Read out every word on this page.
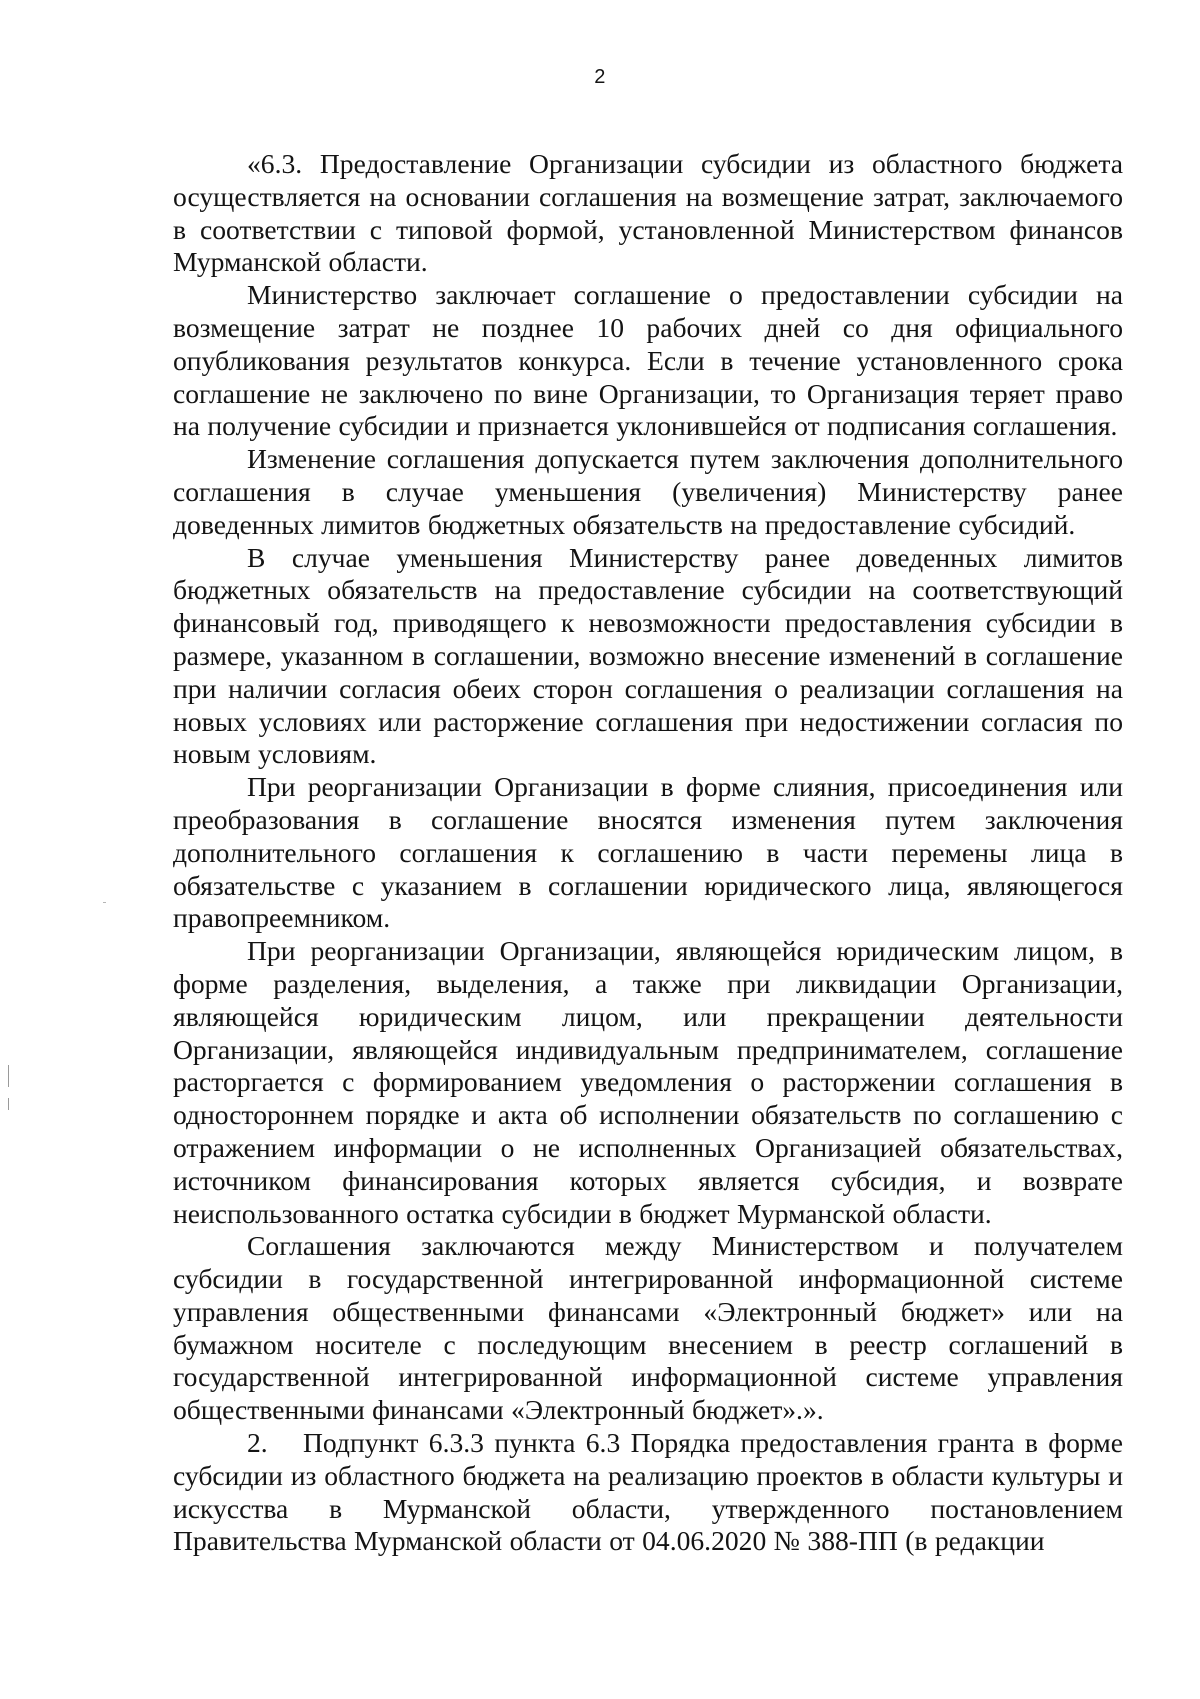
2

«6.3. Предоставление Организации субсидии из областного бюджета осуществляется на основании соглашения на возмещение затрат, заключаемого в соответствии с типовой формой, установленной Министерством финансов Мурманской области.

Министерство заключает соглашение о предоставлении субсидии на возмещение затрат не позднее 10 рабочих дней со дня официального опубликования результатов конкурса. Если в течение установленного срока соглашение не заключено по вине Организации, то Организация теряет право на получение субсидии и признается уклонившейся от подписания соглашения.

Изменение соглашения допускается путем заключения дополнительного соглашения в случае уменьшения (увеличения) Министерству ранее доведенных лимитов бюджетных обязательств на предоставление субсидий.

В случае уменьшения Министерству ранее доведенных лимитов бюджетных обязательств на предоставление субсидии на соответствующий финансовый год, приводящего к невозможности предоставления субсидии в размере, указанном в соглашении, возможно внесение изменений в соглашение при наличии согласия обеих сторон соглашения о реализации соглашения на новых условиях или расторжение соглашения при недостижении согласия по новым условиям.

При реорганизации Организации в форме слияния, присоединения или преобразования в соглашение вносятся изменения путем заключения дополнительного соглашения к соглашению в части перемены лица в обязательстве с указанием в соглашении юридического лица, являющегося правопреемником.

При реорганизации Организации, являющейся юридическим лицом, в форме разделения, выделения, а также при ликвидации Организации, являющейся юридическим лицом, или прекращении деятельности Организации, являющейся индивидуальным предпринимателем, соглашение расторгается с формированием уведомления о расторжении соглашения в одностороннем порядке и акта об исполнении обязательств по соглашению с отражением информации о не исполненных Организацией обязательствах, источником финансирования которых является субсидия, и возврате неиспользованного остатка субсидии в бюджет Мурманской области.

Соглашения заключаются между Министерством и получателем субсидии в государственной интегрированной информационной системе управления общественными финансами «Электронный бюджет» или на бумажном носителе с последующим внесением в реестр соглашений в государственной интегрированной информационной системе управления общественными финансами «Электронный бюджет».».

2. Подпункт 6.3.3 пункта 6.3 Порядка предоставления гранта в форме субсидии из областного бюджета на реализацию проектов в области культуры и искусства в Мурманской области, утвержденного постановлением Правительства Мурманской области от 04.06.2020 № 388-ПП (в редакции
